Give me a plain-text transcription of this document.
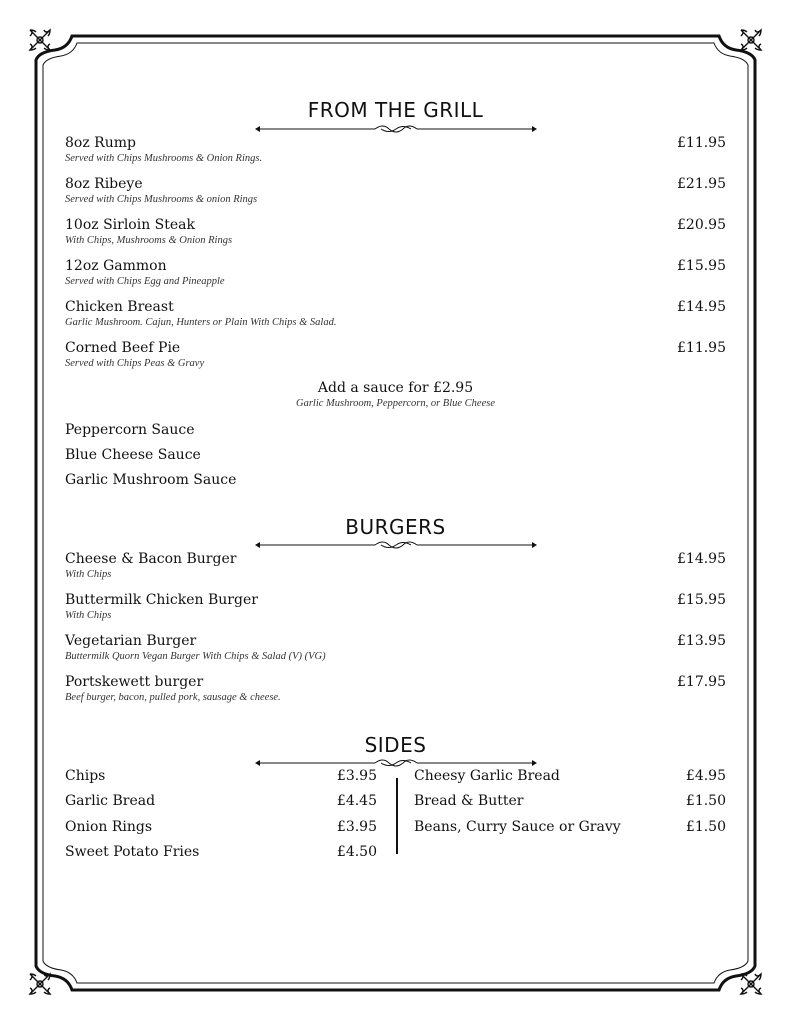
FROM THE GRILL
8oz Rump
Served with Chips Mushrooms & Onion Rings.
£11.95
8oz Ribeye
Served with Chips Mushrooms & onion Rings
£21.95
10oz Sirloin Steak
With Chips, Mushrooms & Onion Rings
£20.95
12oz Gammon
Served with Chips Egg and Pineapple
£15.95
Chicken Breast
Garlic Mushroom. Cajun, Hunters or Plain With Chips & Salad.
£14.95
Corned Beef Pie
Served with Chips Peas & Gravy
£11.95
Add a sauce for £2.95
Garlic Mushroom, Peppercorn, or Blue Cheese
Peppercorn Sauce
Blue Cheese Sauce
Garlic Mushroom Sauce
BURGERS
Cheese & Bacon Burger
With Chips
£14.95
Buttermilk Chicken Burger
With Chips
£15.95
Vegetarian Burger
Buttermilk Quorn Vegan Burger With Chips & Salad (V) (VG)
£13.95
Portskewett burger
Beef burger, bacon, pulled pork, sausage & cheese.
£17.95
SIDES
Chips	£3.95
Garlic Bread	£4.45
Onion Rings	£3.95
Sweet Potato Fries	£4.50
Cheesy Garlic Bread	£4.95
Bread & Butter	£1.50
Beans, Curry Sauce or Gravy	£1.50
